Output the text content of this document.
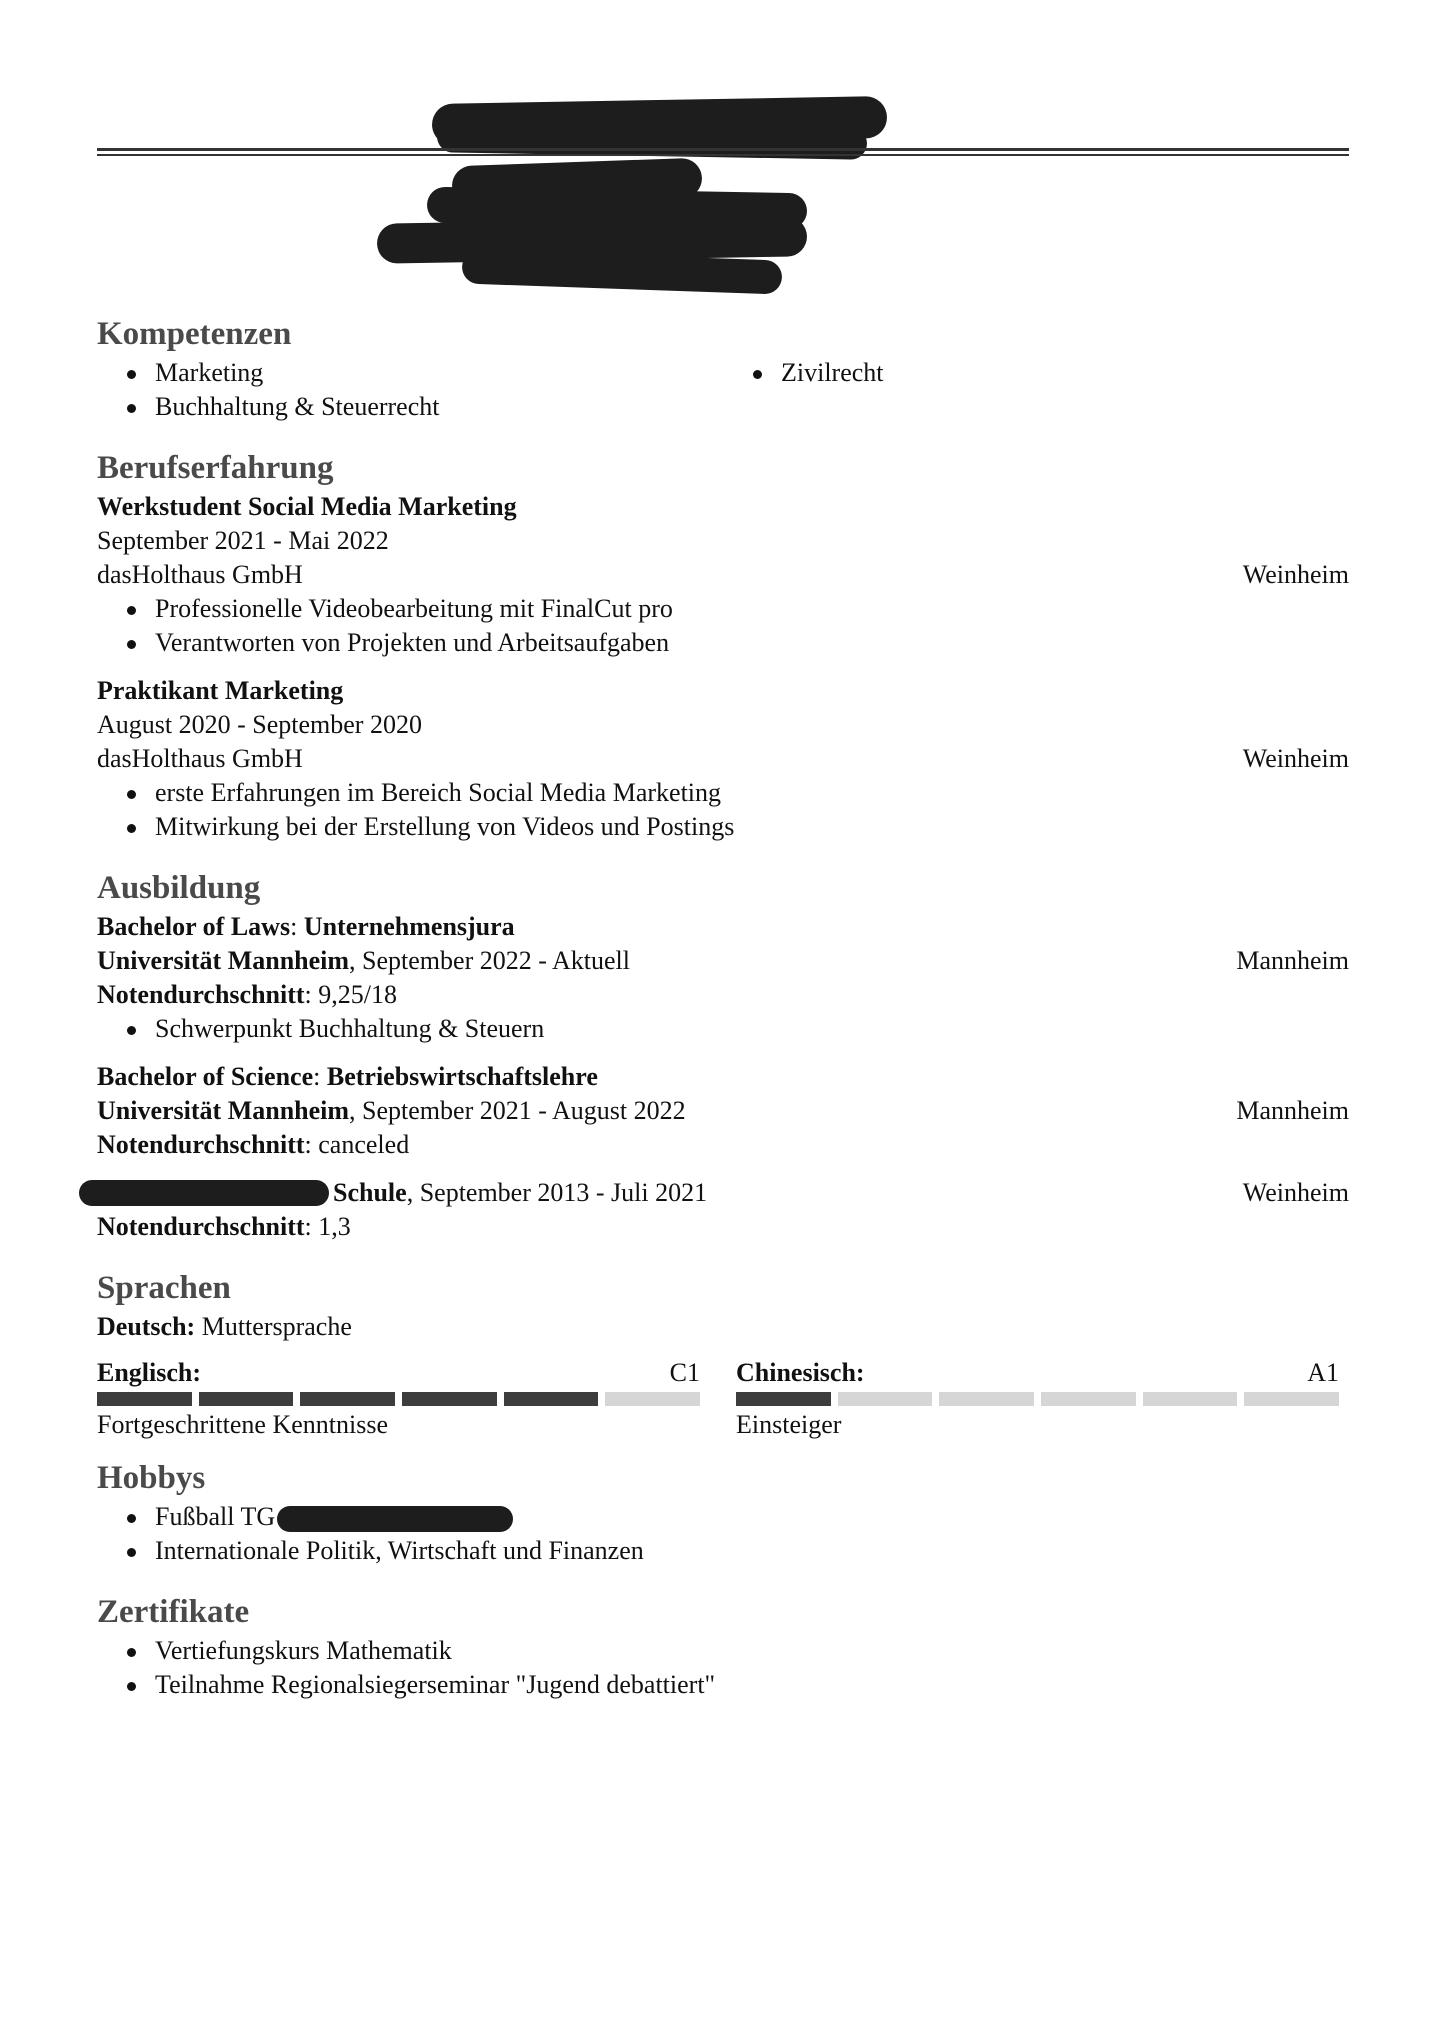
Kompetenzen
Marketing
Buchhaltung & Steuerrecht
Zivilrecht
Berufserfahrung
Werkstudent Social Media Marketing
September 2021 - Mai 2022
dasHolthaus GmbH	Weinheim
Professionelle Videobearbeitung mit FinalCut pro
Verantworten von Projekten und Arbeitsaufgaben
Praktikant Marketing
August 2020 - September 2020
dasHolthaus GmbH	Weinheim
erste Erfahrungen im Bereich Social Media Marketing
Mitwirkung bei der Erstellung von Videos und Postings
Ausbildung
Bachelor of Laws: Unternehmensjura
Universität Mannheim, September 2022 - Aktuell	Mannheim
Notendurchschnitt: 9,25/18
Schwerpunkt Buchhaltung & Steuern
Bachelor of Science: Betriebswirtschaftslehre
Universität Mannheim, September 2021 - August 2022	Mannheim
Notendurchschnitt: canceled
Schule, September 2013 - Juli 2021	Weinheim
Notendurchschnitt: 1,3
Sprachen
Deutsch: Muttersprache
Englisch:	C1
Fortgeschrittene Kenntnisse
Chinesisch:	A1
Einsteiger
Hobbys
Fußball TG
Internationale Politik, Wirtschaft und Finanzen
Zertifikate
Vertiefungskurs Mathematik
Teilnahme Regionalsiegerseminar "Jugend debattiert"
